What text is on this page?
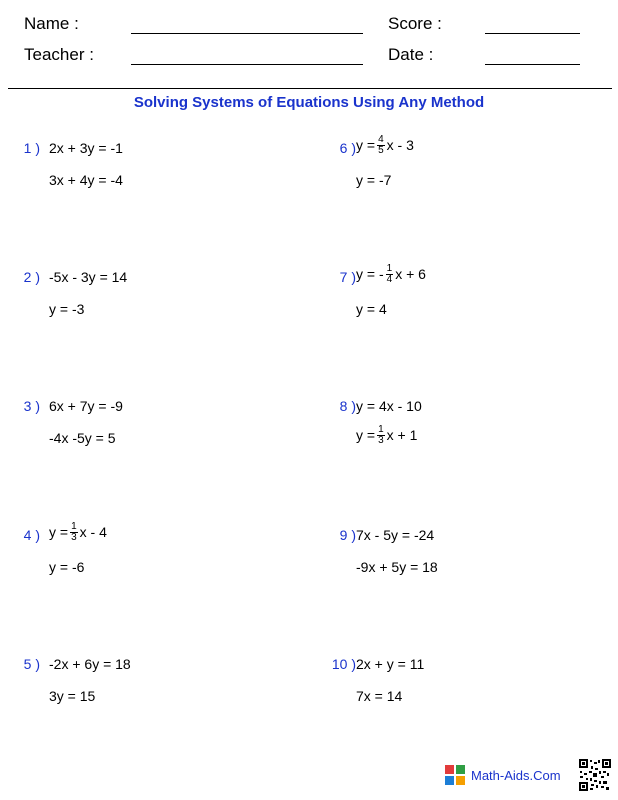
Name :	Score :
Teacher :	Date :
Solving Systems of Equations Using Any Method
1 ) 2x + 3y = -1
3x + 4y = -4
2 ) -5x - 3y = 14
y = -3
3 ) 6x + 7y = -9
-4x -5y = 5
4 ) $y = \frac{1}{3}$ x - 4
y = -6
5 ) -2x + 6y = 18
3y = 15
6 ) $y = \frac{4}{5}$ x - 3
y = -7
7 ) y = - $\frac{1}{4}$ x + 6
y = 4
8 ) y = 4x - 10
$y = \frac{1}{3}$ x + 1
9 ) 7x - 5y = -24
-9x + 5y = 18
10 ) 2x + y = 11
7x = 14
Math-Aids.Com
